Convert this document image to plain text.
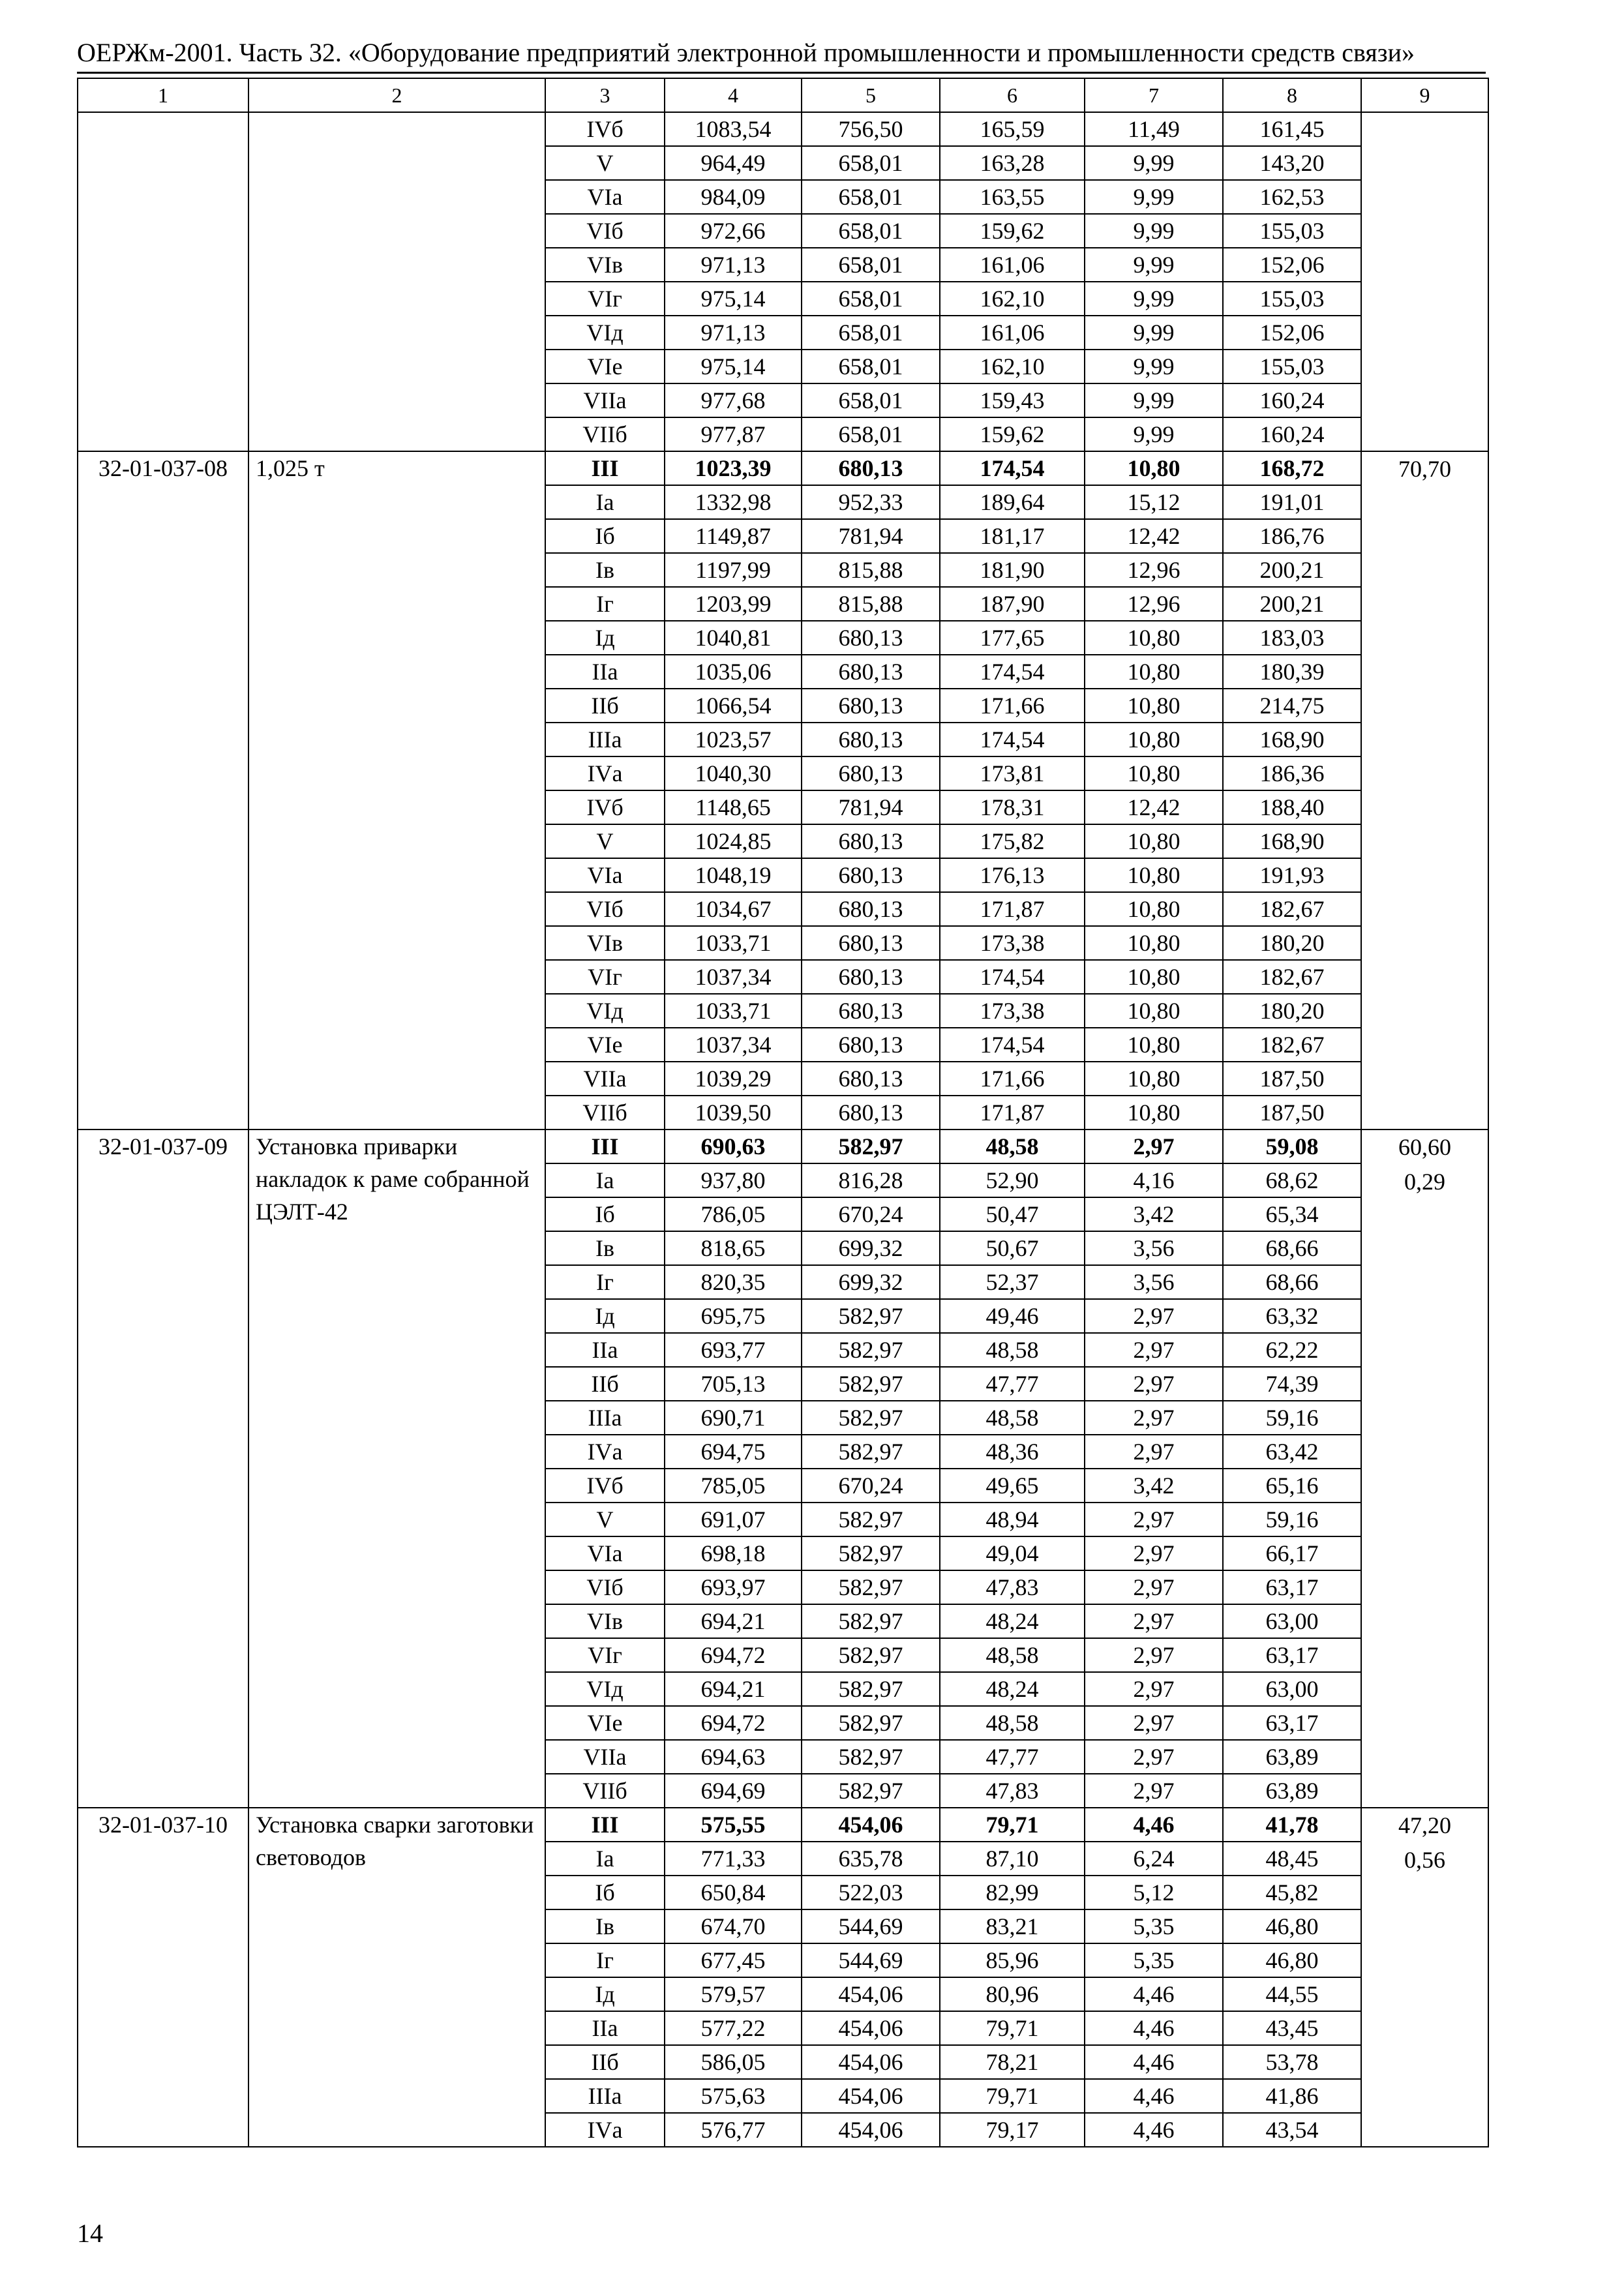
ОЕРЖм-2001. Часть 32. «Оборудование предприятий электронной промышленности и промышленности средств связи»
1	2	3	4	5	6	7	8	9
		IVб	1083,54	756,50	165,59	11,49	161,45	
		V	964,49	658,01	163,28	9,99	143,20	
		VIа	984,09	658,01	163,55	9,99	162,53	
		VIб	972,66	658,01	159,62	9,99	155,03	
		VIв	971,13	658,01	161,06	9,99	152,06	
		VIг	975,14	658,01	162,10	9,99	155,03	
		VIд	971,13	658,01	161,06	9,99	152,06	
		VIе	975,14	658,01	162,10	9,99	155,03	
		VIIа	977,68	658,01	159,43	9,99	160,24	
		VIIб	977,87	658,01	159,62	9,99	160,24	
32-01-037-08	1,025 т	III	1023,39	680,13	174,54	10,80	168,72	70,70

		Iа	1332,98	952,33	189,64	15,12	191,01	
		Iб	1149,87	781,94	181,17	12,42	186,76	
		Iв	1197,99	815,88	181,90	12,96	200,21	
		Iг	1203,99	815,88	187,90	12,96	200,21	
		Iд	1040,81	680,13	177,65	10,80	183,03	
		IIа	1035,06	680,13	174,54	10,80	180,39	
		IIб	1066,54	680,13	171,66	10,80	214,75	
		IIIа	1023,57	680,13	174,54	10,80	168,90	
		IVа	1040,30	680,13	173,81	10,80	186,36	
		IVб	1148,65	781,94	178,31	12,42	188,40	
		V	1024,85	680,13	175,82	10,80	168,90	
		VIа	1048,19	680,13	176,13	10,80	191,93	
		VIб	1034,67	680,13	171,87	10,80	182,67	
		VIв	1033,71	680,13	173,38	10,80	180,20	
		VIг	1037,34	680,13	174,54	10,80	182,67	
		VIд	1033,71	680,13	173,38	10,80	180,20	
		VIе	1037,34	680,13	174,54	10,80	182,67	
		VIIа	1039,29	680,13	171,66	10,80	187,50	
		VIIб	1039,50	680,13	171,87	10,80	187,50	
32-01-037-09	Установка приварки накладок к раме собранной ЦЭЛТ-42	III	690,63	582,97	48,58	2,97	59,08	60,60
0,29

		Iа	937,80	816,28	52,90	4,16	68,62	
		Iб	786,05	670,24	50,47	3,42	65,34	
		Iв	818,65	699,32	50,67	3,56	68,66	
		Iг	820,35	699,32	52,37	3,56	68,66	
		Iд	695,75	582,97	49,46	2,97	63,32	
		IIа	693,77	582,97	48,58	2,97	62,22	
		IIб	705,13	582,97	47,77	2,97	74,39	
		IIIа	690,71	582,97	48,58	2,97	59,16	
		IVа	694,75	582,97	48,36	2,97	63,42	
		IVб	785,05	670,24	49,65	3,42	65,16	
		V	691,07	582,97	48,94	2,97	59,16	
		VIа	698,18	582,97	49,04	2,97	66,17	
		VIб	693,97	582,97	47,83	2,97	63,17	
		VIв	694,21	582,97	48,24	2,97	63,00	
		VIг	694,72	582,97	48,58	2,97	63,17	
		VIд	694,21	582,97	48,24	2,97	63,00	
		VIе	694,72	582,97	48,58	2,97	63,17	
		VIIа	694,63	582,97	47,77	2,97	63,89	
		VIIб	694,69	582,97	47,83	2,97	63,89	
32-01-037-10	Установка сварки заготовки световодов	III	575,55	454,06	79,71	4,46	41,78	47,20
0,56

		Iа	771,33	635,78	87,10	6,24	48,45	
		Iб	650,84	522,03	82,99	5,12	45,82	
		Iв	674,70	544,69	83,21	5,35	46,80	
		Iг	677,45	544,69	85,96	5,35	46,80	
		Iд	579,57	454,06	80,96	4,46	44,55	
		IIа	577,22	454,06	79,71	4,46	43,45	
		IIб	586,05	454,06	78,21	4,46	53,78	
		IIIа	575,63	454,06	79,71	4,46	41,86	
		IVа	576,77	454,06	79,17	4,46	43,54	
14
